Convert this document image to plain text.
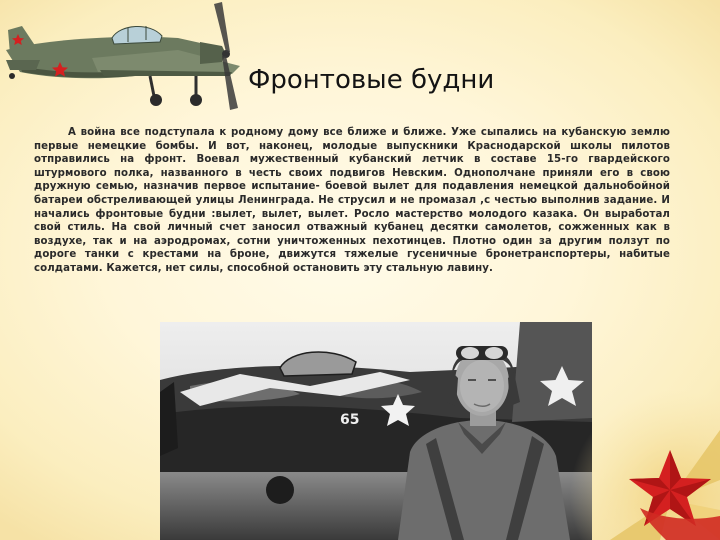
Фронтовые будни

А война все подступала к родному дому все ближе и ближе. Уже сыпались на кубанскую землю первые немецкие бомбы. И вот, наконец, молодые выпускники Краснодарской школы пилотов отправились на фронт. Воевал мужественный кубанский летчик в составе 15-го гвардейского штурмового полка, названного в честь своих подвигов Невским. Однополчане приняли его в свою дружную семью, назначив первое испытание- боевой вылет для подавления немецкой дальнобойной батареи обстреливающей улицы Ленинграда. Не струсил и не промазал ,с честью выполнив задание. И начались фронтовые будни :вылет, вылет, вылет. Росло мастерство молодого казака. Он выработал свой стиль. На свой личный счет заносил отважный кубанец десятки самолетов, сожженных как в воздухе, так и на аэродромах, сотни уничтоженных пехотинцев. Плотно один за другим ползут по дороге танки с крестами на броне, движутся тяжелые гусеничные бронетранспортеры, набитые солдатами. Кажется, нет силы, способной остановить эту стальную лавину.

65
